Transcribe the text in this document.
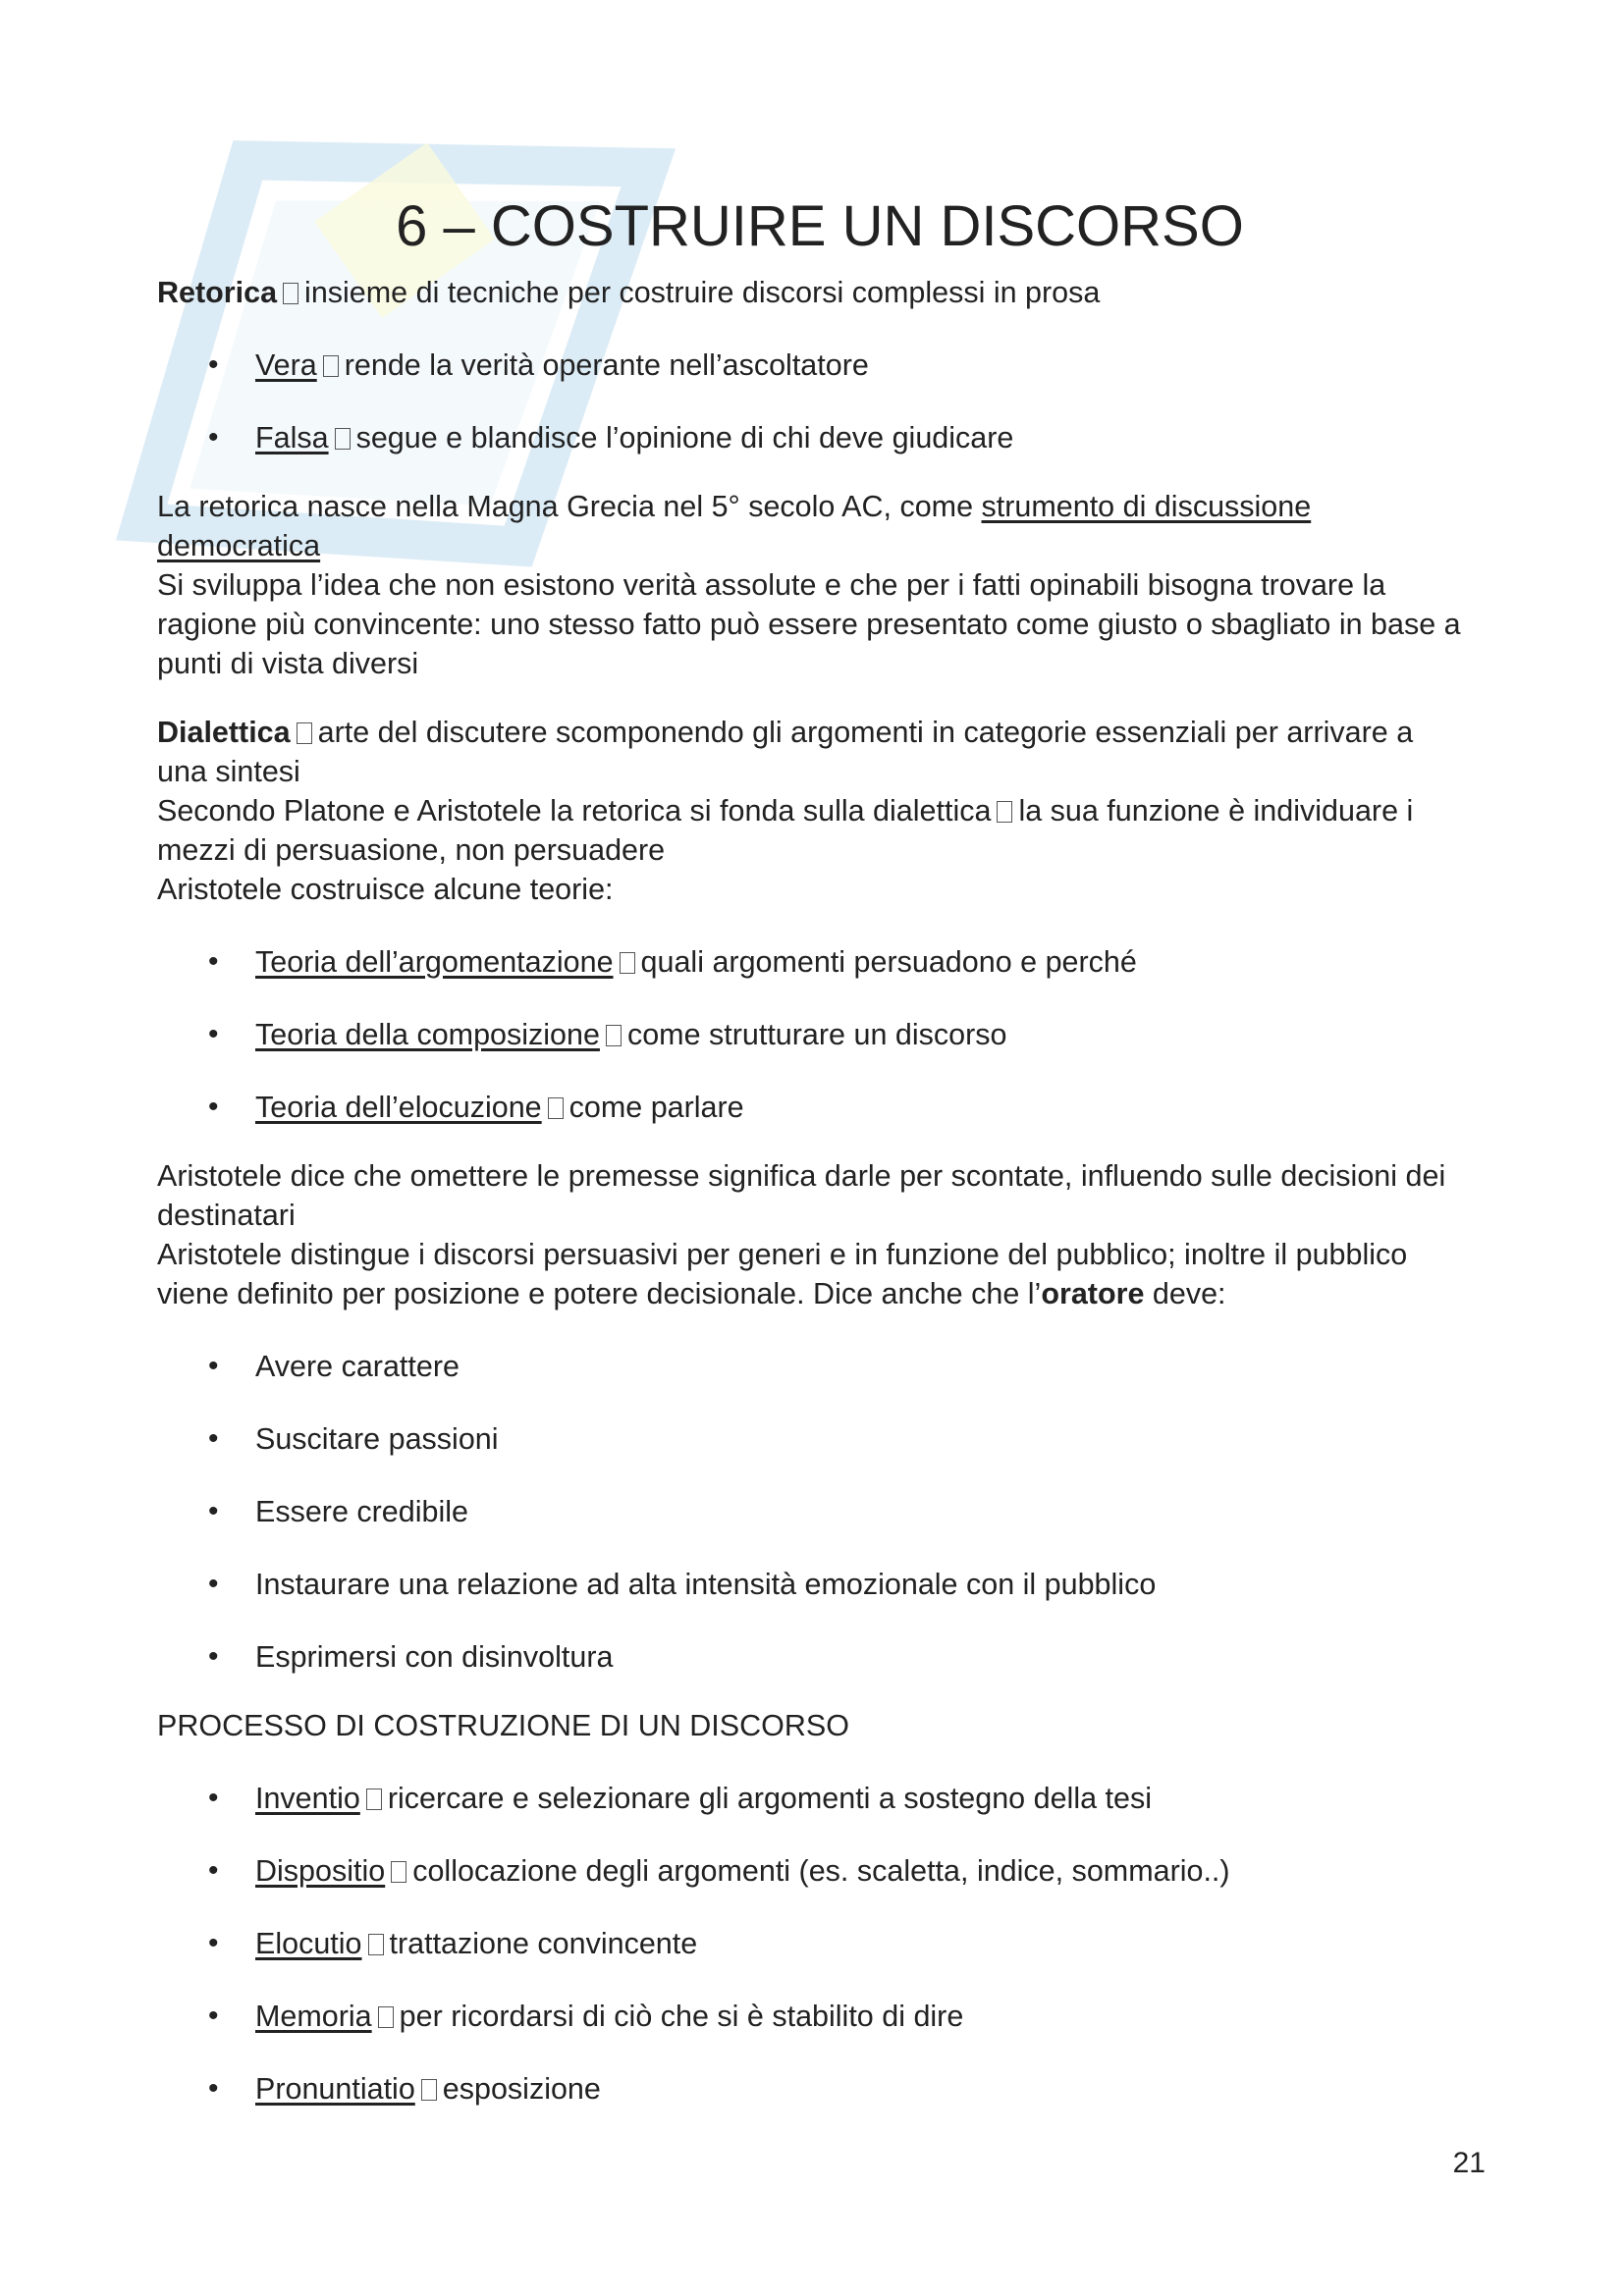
6 – COSTRUIRE UN DISCORSO

Retorica insieme di tecniche per costruire discorsi complessi in prosa

• Vera rende la verità operante nell’ascoltatore
• Falsa segue e blandisce l’opinione di chi deve giudicare

La retorica nasce nella Magna Grecia nel 5° secolo AC, come strumento di discussione
democratica
Si sviluppa l’idea che non esistono verità assolute e che per i fatti opinabili bisogna trovare la
ragione più convincente: uno stesso fatto può essere presentato come giusto o sbagliato in base a
punti di vista diversi

Dialettica arte del discutere scomponendo gli argomenti in categorie essenziali per arrivare a
una sintesi
Secondo Platone e Aristotele la retorica si fonda sulla dialettica la sua funzione è individuare i
mezzi di persuasione, non persuadere
Aristotele costruisce alcune teorie:

• Teoria dell’argomentazione quali argomenti persuadono e perché
• Teoria della composizione come strutturare un discorso
• Teoria dell’elocuzione come parlare

Aristotele dice che omettere le premesse significa darle per scontate, influendo sulle decisioni dei
destinatari
Aristotele distingue i discorsi persuasivi per generi e in funzione del pubblico; inoltre il pubblico
viene definito per posizione e potere decisionale. Dice anche che l’oratore deve:

• Avere carattere
• Suscitare passioni
• Essere credibile
• Instaurare una relazione ad alta intensità emozionale con il pubblico
• Esprimersi con disinvoltura

PROCESSO DI COSTRUZIONE DI UN DISCORSO

• Inventio ricercare e selezionare gli argomenti a sostegno della tesi
• Dispositio collocazione degli argomenti (es. scaletta, indice, sommario..)
• Elocutio trattazione convincente
• Memoria per ricordarsi di ciò che si è stabilito di dire
• Pronuntiatio esposizione
21
